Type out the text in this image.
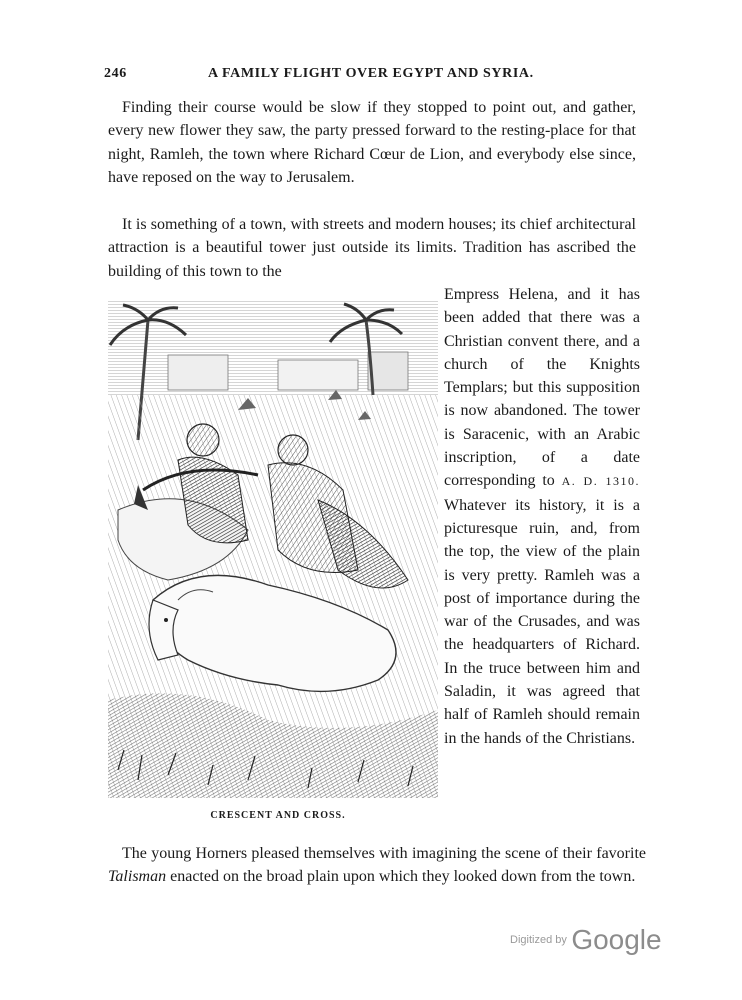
246	A FAMILY FLIGHT OVER EGYPT AND SYRIA.

Finding their course would be slow if they stopped to point out, and gather, every new flower they saw, the party pressed forward to the resting-place for that night, Ramleh, the town where Richard Cœur de Lion, and everybody else since, have reposed on the way to Jerusalem.

It is something of a town, with streets and modern houses; its chief architectural attraction is a beautiful tower just outside its limits. Tradition has ascribed the building of this town to the

Empress Helena, and it has been added that there was a Christian convent there, and a church of the Knights Templars; but this supposition is now abandoned. The tower is Saracenic, with an Arabic inscription, of a date corresponding to A. D. 1310. Whatever its history, it is a picturesque ruin, and, from the top, the view of the plain is very pretty. Ramleh was a post of importance during the war of the Crusades, and was the headquarters of Richard. In the truce between him and Saladin, it was agreed that half of Ramleh should remain in the hands of the Christians.

CRESCENT AND CROSS.

The young Horners pleased themselves with imagining the scene of their favorite Talisman enacted on the broad plain upon which they looked down from the town.

Digitized by Google
